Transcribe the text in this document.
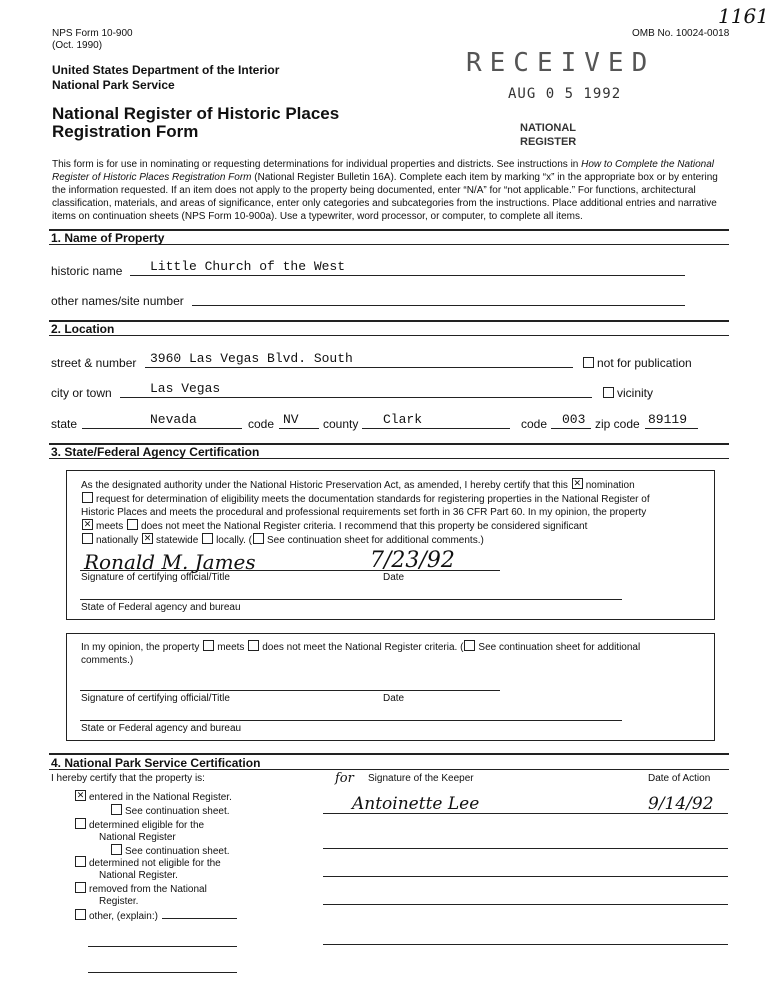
NPS Form 10-900
(Oct. 1990)
OMB No. 10024-0018
1161
United States Department of the Interior
National Park Service
National Register of Historic Places
Registration Form
RECEIVED
AUG 0 5 1992
NATIONAL
REGISTER
This form is for use in nominating or requesting determinations for individual properties and districts. See instructions in How to Complete the National Register of Historic Places Registration Form (National Register Bulletin 16A). Complete each item by marking “x” in the appropriate box or by entering the information requested. If an item does not apply to the property being documented, enter “N/A” for “not applicable.” For functions, architectural classification, materials, and areas of significance, enter only categories and subcategories from the instructions. Place additional entries and narrative items on continuation sheets (NPS Form 10-900a). Use a typewriter, word processor, or computer, to complete all items.
1. Name of Property
historic name Little Church of the West
other names/site number
2. Location
street & number 3960 Las Vegas Blvd. South	not for publication
city or town	Las Vegas	vicinity
state	Nevada	code NV county Clark	code 003 zip code 89119
3. State/Federal Agency Certification
As the designated authority under the National Historic Preservation Act, as amended, I hereby certify that this ✕ nomination
request for determination of eligibility meets the documentation standards for registering properties in the National Register of
Historic Places and meets the procedural and professional requirements set forth in 36 CFR Part 60. In my opinion, the property
✕meets does not meet the National Register criteria. I recommend that this property be considered significant
nationally ✕ statewide locally. ( See continuation sheet for additional comments.)
Ronald M. James	7/23/92
Signature of certifying official/Title	Date
State of Federal agency and bureau
In my opinion, the property meets does not meet the National Register criteria. ( See continuation sheet for additional
comments.)
Signature of certifying official/Title	Date
State or Federal agency and bureau
4. National Park Service Certification
I hereby certify that the property is:	for Signature of the Keeper	Date of Action
Antoinette Lee	9/14/92
✕entered in the National Register.
See continuation sheet.
determined eligible for the
National Register
See continuation sheet.
determined not eligible for the
National Register.
removed from the National
Register.
other, (explain:)
